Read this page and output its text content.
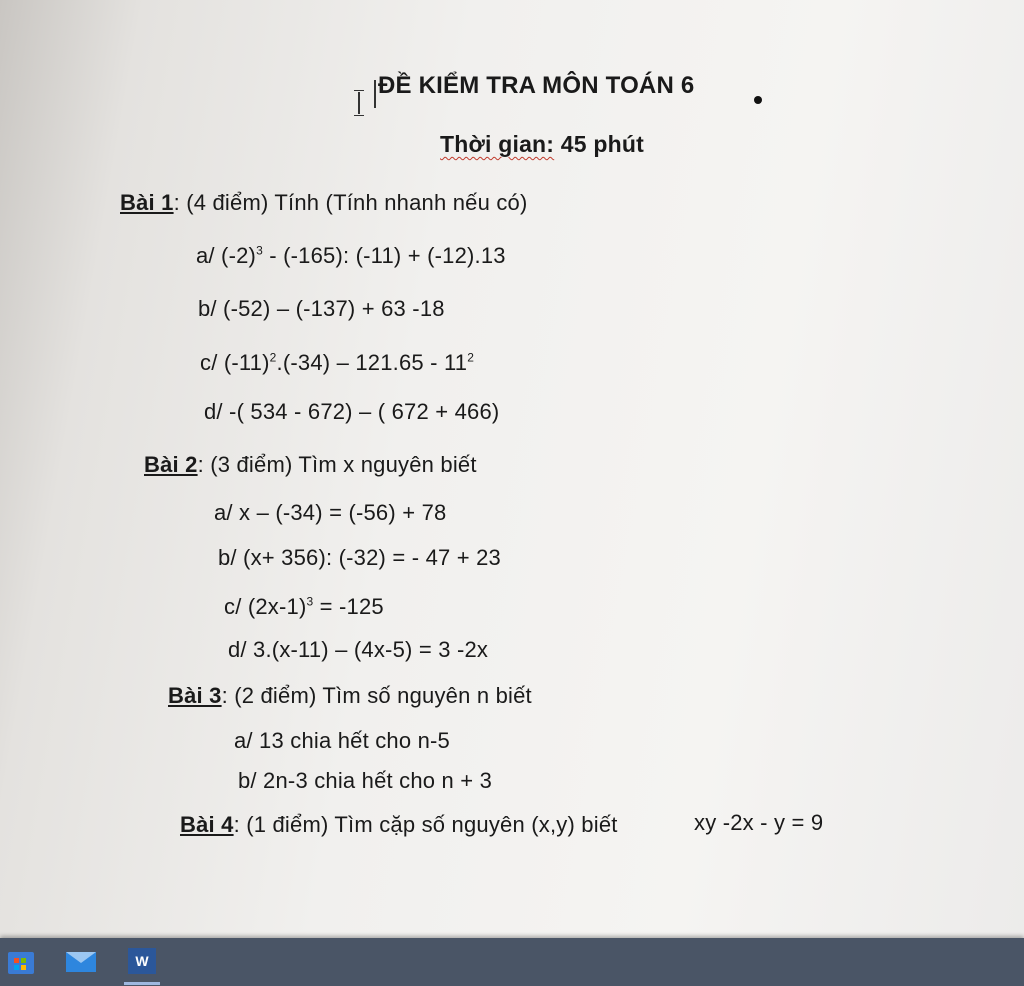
ĐỀ KIỂM TRA MÔN TOÁN 6
Thời gian: 45 phút
Bài 1: (4 điểm) Tính (Tính nhanh nếu có)
a/ $(-2)^3 - (-165)$: (-11) + (-12).13
b/ (-52) – (-137) + 63 -18
c/ $(-11)^2.(-34) - 121.65 - 11^2$
d/ -( 534 - 672) – ( 672 + 466)
Bài 2: (3 điểm) Tìm x nguyên biết
a/ x – (-34) = (-56) + 78
b/ (x+ 356): (-32) = - 47 + 23
c/ $(2x-1)^3 = -125$
d/ 3.(x-11) – (4x-5) = 3 -2x
Bài 3: (2 điểm) Tìm số nguyên n biết
a/ 13 chia hết cho n-5
b/ 2n-3 chia hết cho n + 3
Bài 4: (1 điểm) Tìm cặp số nguyên (x,y) biết	xy -2x - y = 9
W
